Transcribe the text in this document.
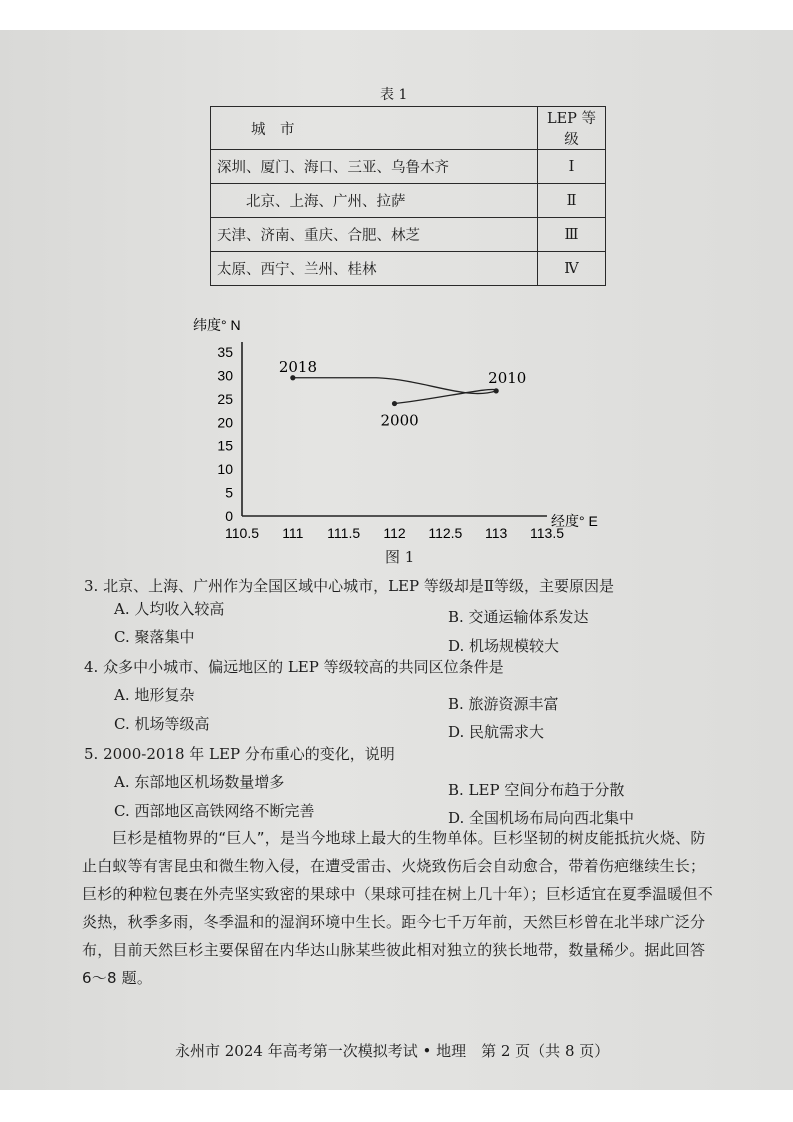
表 1
城　市	LEP 等级
深圳、厦门、海口、三亚、乌鲁木齐	Ⅰ
　　北京、上海、广州、拉萨	Ⅱ
天津、济南、重庆、合肥、林芝	Ⅲ
太原、西宁、兰州、桂林	Ⅳ
纬度° N
经度° E
0
5
10
15
20
25
30
35
110.5 111 111.5 112 112.5 113 113.5
2000
2010
2018
图 1
3. 北京、上海、广州作为全国区域中心城市，LEP 等级却是Ⅱ等级，主要原因是
A. 人均收入较高	B. 交通运输体系发达
C. 聚落集中	D. 机场规模较大
4. 众多中小城市、偏远地区的 LEP 等级较高的共同区位条件是
A. 地形复杂	B. 旅游资源丰富
C. 机场等级高	D. 民航需求大
5. 2000-2018 年 LEP 分布重心的变化，说明
A. 东部地区机场数量增多	B. LEP 空间分布趋于分散
C. 西部地区高铁网络不断完善	D. 全国机场布局向西北集中
巨杉是植物界的“巨人”，是当今地球上最大的生物单体。巨杉坚韧的树皮能抵抗火烧、防止白蚁等有害昆虫和微生物入侵，在遭受雷击、火烧致伤后会自动愈合，带着伤疤继续生长；巨杉的种粒包裹在外壳坚实致密的果球中（果球可挂在树上几十年）；巨杉适宜在夏季温暖但不炎热，秋季多雨，冬季温和的湿润环境中生长。距今七千万年前，天然巨杉曾在北半球广泛分布，目前天然巨杉主要保留在内华达山脉某些彼此相对独立的狭长地带，数量稀少。据此回答 6～8 题。
永州市 2024 年高考第一次模拟考试 • 地理　第 2 页（共 8 页）
